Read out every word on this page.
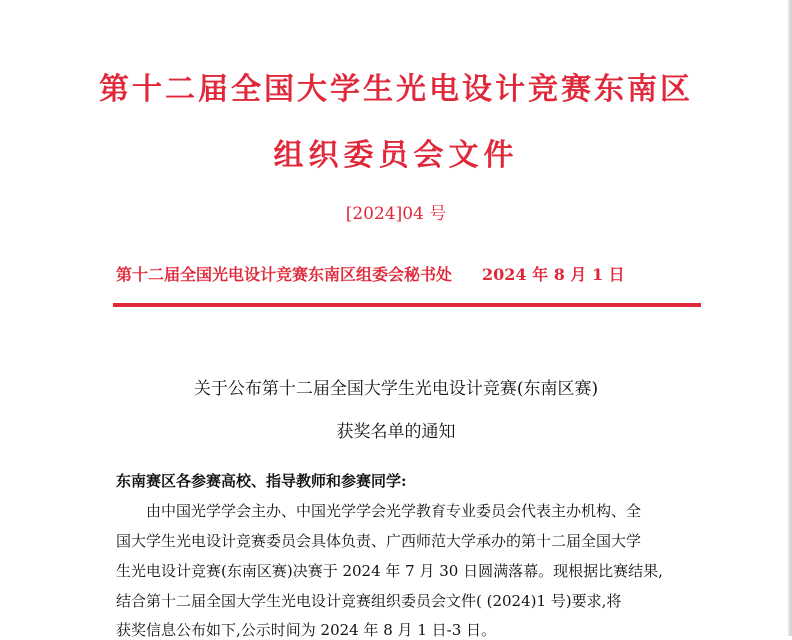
第十二届全国大学生光电设计竞赛东南区
组织委员会文件
[2024]04 号
第十二届全国光电设计竞赛东南区组委会秘书处 2024 年 8 月 1 日
关于公布第十二届全国大学生光电设计竞赛(东南区赛)
获奖名单的通知
东南赛区各参赛高校、指导教师和参赛同学:
由中国光学学会主办、中国光学学会光学教育专业委员会代表主办机构、全
国大学生光电设计竞赛委员会具体负责、广西师范大学承办的第十二届全国大学
生光电设计竞赛(东南区赛)决赛于 2024 年 7 月 30 日圆满落幕。现根据比赛结果,
结合第十二届全国大学生光电设计竞赛组织委员会文件( (2024)1 号)要求,将
获奖信息公布如下,公示时间为 2024 年 8 月 1 日-3 日。
